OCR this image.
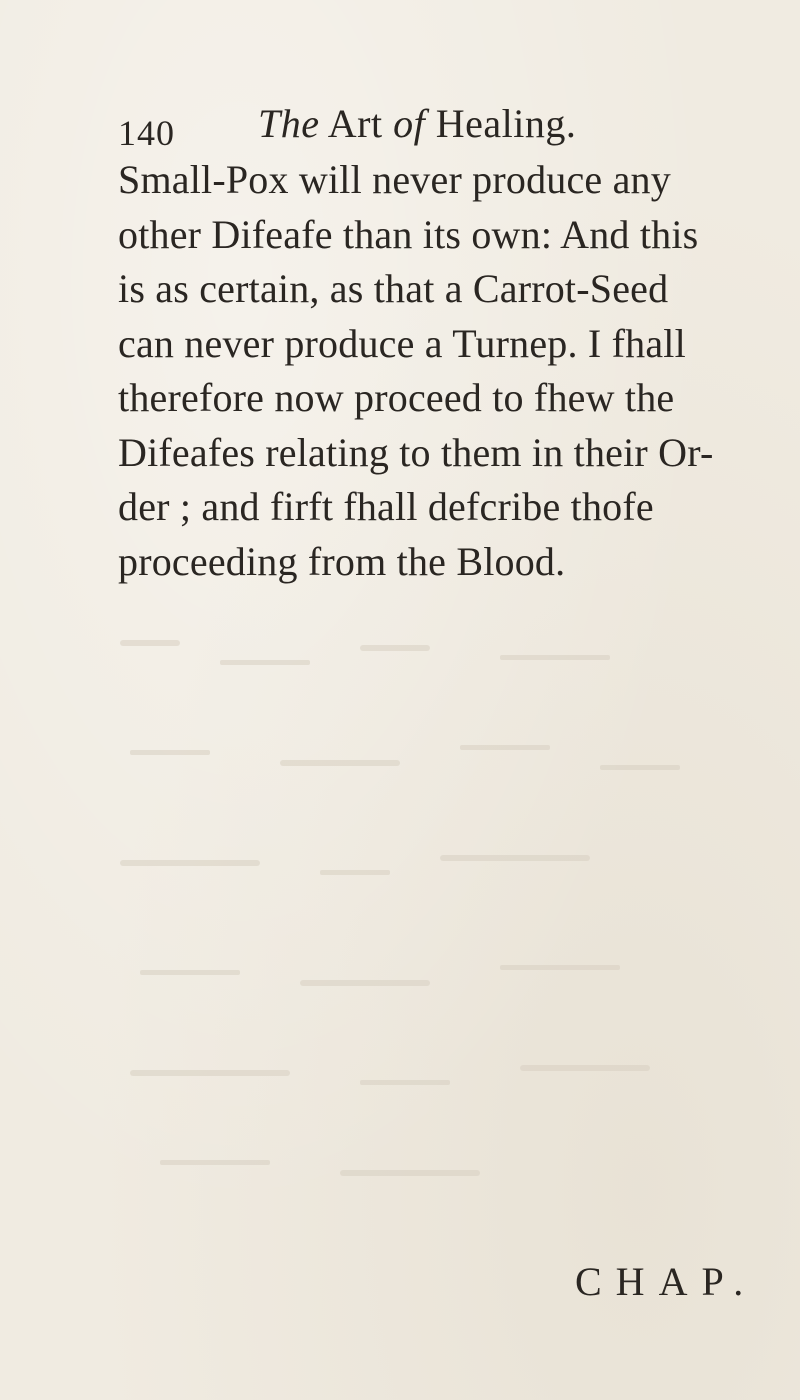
140 The Art of Healing.
Small-Pox will never produce any
other Difeafe than its own: And this
is as certain, as that a Carrot-Seed
can never produce a Turnep. I fhall
therefore now proceed to fhew the
Difeafes relating to them in their Or-
der ; and firft fhall defcribe thofe
proceeding from the Blood.
CHAP.
